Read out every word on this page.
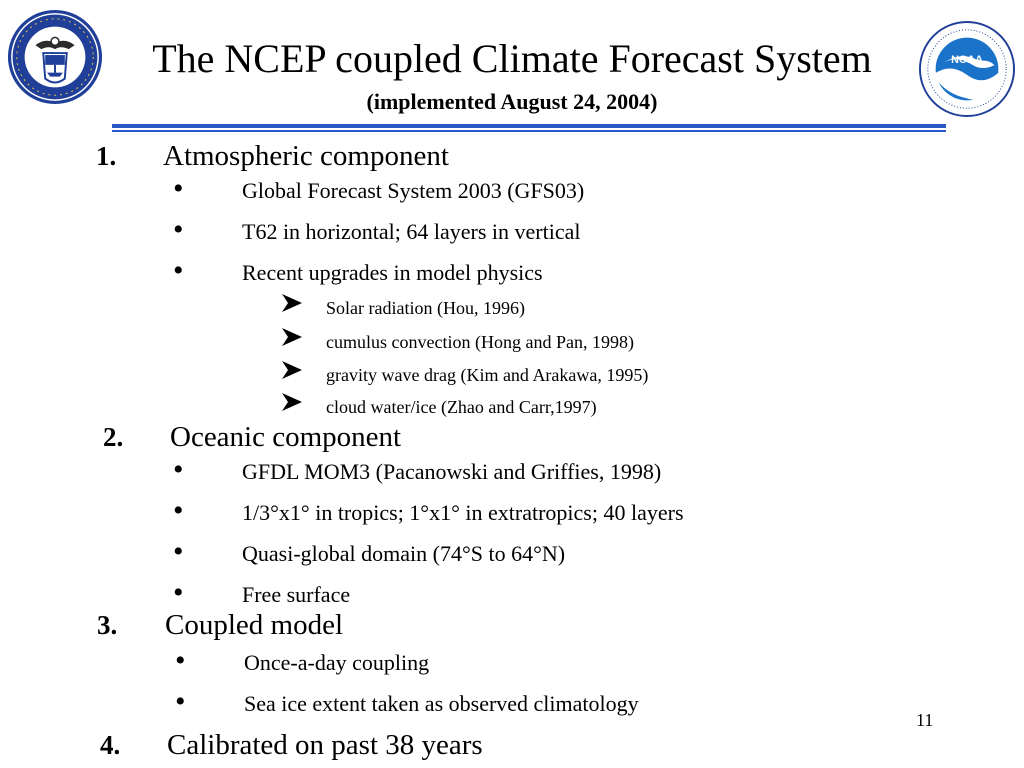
NOAA
The NCEP coupled Climate Forecast System
(implemented August 24, 2004)
1. Atmospheric component
•	Global Forecast System 2003 (GFS03)
•	T62 in horizontal; 64 layers in vertical
•	Recent upgrades in model physics
Solar radiation (Hou, 1996)
cumulus convection (Hong and Pan, 1998)
gravity wave drag (Kim and Arakawa, 1995)
cloud water/ice (Zhao and Carr,1997)
2. Oceanic component
•	GFDL MOM3 (Pacanowski and Griffies, 1998)
•	1/3°x1° in tropics; 1°x1° in extratropics; 40 layers
•	Quasi-global domain (74°S to 64°N)
•	Free surface
3. Coupled model
•	Once-a-day coupling
•	Sea ice extent taken as observed climatology
4. Calibrated on past 38 years
11
